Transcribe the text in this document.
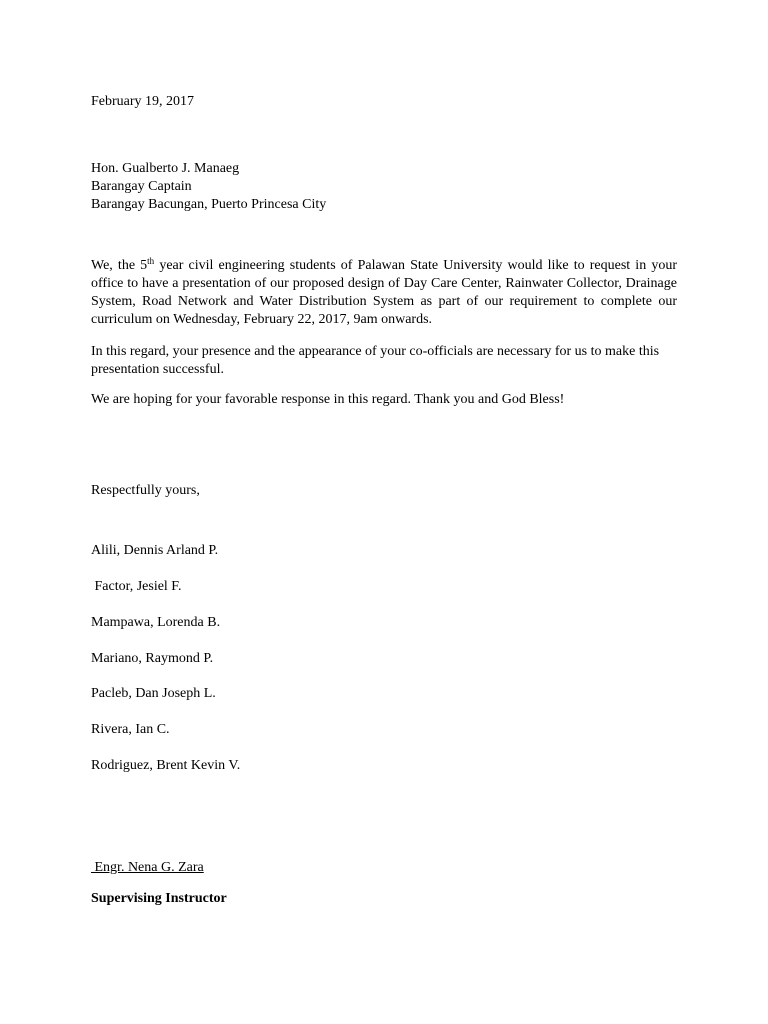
February 19, 2017
Hon. Gualberto J. Manaeg
Barangay Captain
Barangay Bacungan, Puerto Princesa City
We, the 5th year civil engineering students of Palawan State University would like to request in your office to have a presentation of our proposed design of Day Care Center, Rainwater Collector, Drainage System, Road Network and Water Distribution System as part of our requirement to complete our curriculum on Wednesday, February 22, 2017, 9am onwards.
In this regard, your presence and the appearance of your co-officials are necessary for us to make this presentation successful.
We are hoping for your favorable response in this regard. Thank you and God Bless!
Respectfully yours,
Alili, Dennis Arland P.
Factor, Jesiel F.
Mampawa, Lorenda B.
Mariano, Raymond P.
Pacleb, Dan Joseph L.
Rivera, Ian C.
Rodriguez, Brent Kevin V.
Engr. Nena G. Zara
Supervising Instructor
